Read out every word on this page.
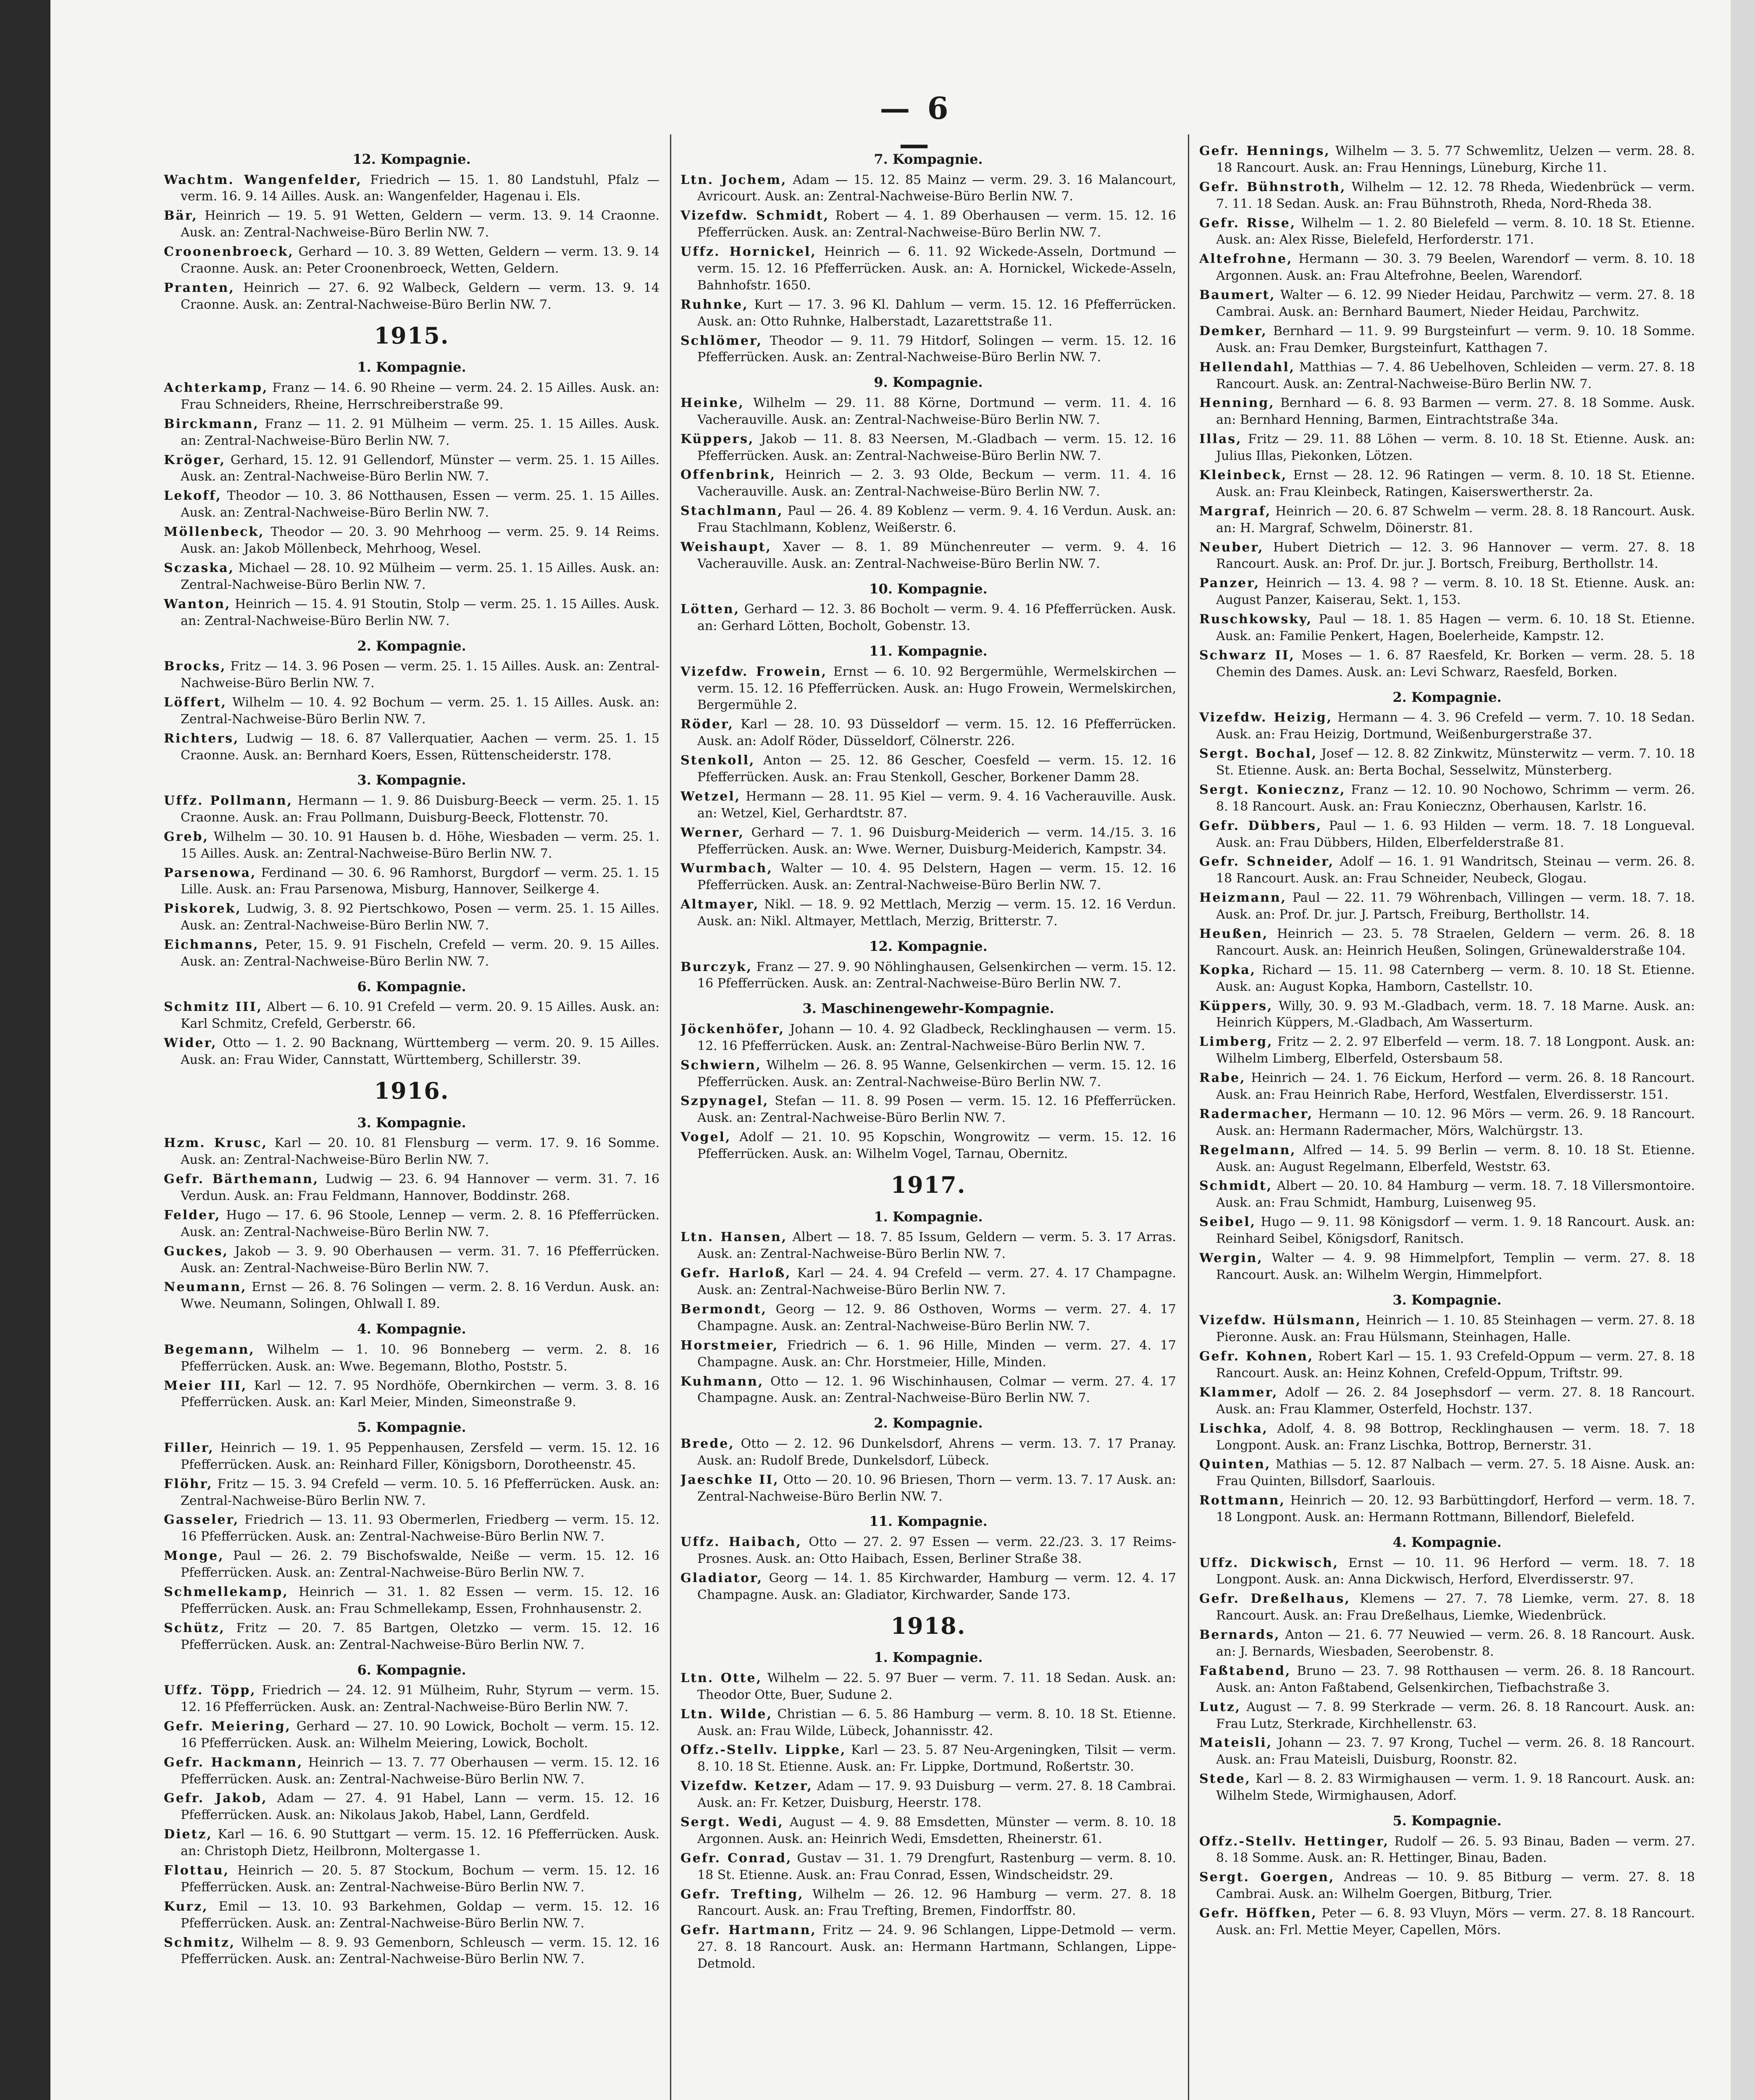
— 6 —
12. Kompagnie.
Wachtm. Wangenfelder, Friedrich — 15. 1. 80 Landstuhl, Pfalz — verm. 16. 9. 14 Ailles. Ausk. an: Wangenfelder, Hagenau i. Els.
Bär, Heinrich — 19. 5. 91 Wetten, Geldern — verm. 13. 9. 14 Craonne. Ausk. an: Zentral-Nachweise-Büro Berlin NW. 7.
Croonenbroeck, Gerhard — 10. 3. 89 Wetten, Geldern — verm. 13. 9. 14 Craonne. Ausk. an: Peter Croonenbroeck, Wetten, Geldern.
Pranten, Heinrich — 27. 6. 92 Walbeck, Geldern — verm. 13. 9. 14 Craonne. Ausk. an: Zentral-Nachweise-Büro Berlin NW. 7.
1915.
1. Kompagnie.
Achterkamp, Franz — 14. 6. 90 Rheine — verm. 24. 2. 15 Ailles. Ausk. an: Frau Schneiders, Rheine, Herrschreiberstraße 99.
Birckmann, Franz — 11. 2. 91 Mülheim — verm. 25. 1. 15 Ailles. Ausk. an: Zentral-Nachweise-Büro Berlin NW. 7.
Kröger, Gerhard, 15. 12. 91 Gellendorf, Münster — verm. 25. 1. 15 Ailles. Ausk. an: Zentral-Nachweise-Büro Berlin NW. 7.
Lekoff, Theodor — 10. 3. 86 Notthausen, Essen — verm. 25. 1. 15 Ailles. Ausk. an: Zentral-Nachweise-Büro Berlin NW. 7.
Möllenbeck, Theodor — 20. 3. 90 Mehrhoog — verm. 25. 9. 14 Reims. Ausk. an: Jakob Möllenbeck, Mehrhoog, Wesel.
Sczaska, Michael — 28. 10. 92 Mülheim — verm. 25. 1. 15 Ailles. Ausk. an: Zentral-Nachweise-Büro Berlin NW. 7.
Wanton, Heinrich — 15. 4. 91 Stoutin, Stolp — verm. 25. 1. 15 Ailles. Ausk. an: Zentral-Nachweise-Büro Berlin NW. 7.
2. Kompagnie.
Brocks, Fritz — 14. 3. 96 Posen — verm. 25. 1. 15 Ailles. Ausk. an: Zentral-Nachweise-Büro Berlin NW. 7.
Löffert, Wilhelm — 10. 4. 92 Bochum — verm. 25. 1. 15 Ailles. Ausk. an: Zentral-Nachweise-Büro Berlin NW. 7.
Richters, Ludwig — 18. 6. 87 Vallerquatier, Aachen — verm. 25. 1. 15 Craonne. Ausk. an: Bernhard Koers, Essen, Rüttenscheiderstr. 178.
3. Kompagnie.
Uffz. Pollmann, Hermann — 1. 9. 86 Duisburg-Beeck — verm. 25. 1. 15 Craonne. Ausk. an: Frau Pollmann, Duisburg-Beeck, Flottenstr. 70.
Greb, Wilhelm — 30. 10. 91 Hausen b. d. Höhe, Wiesbaden — verm. 25. 1. 15 Ailles. Ausk. an: Zentral-Nachweise-Büro Berlin NW. 7.
Parsenowa, Ferdinand — 30. 6. 96 Ramhorst, Burgdorf — verm. 25. 1. 15 Lille. Ausk. an: Frau Parsenowa, Misburg, Hannover, Seilkerge 4.
Piskorek, Ludwig, 3. 8. 92 Piertschkowo, Posen — verm. 25. 1. 15 Ailles. Ausk. an: Zentral-Nachweise-Büro Berlin NW. 7.
Eichmanns, Peter, 15. 9. 91 Fischeln, Crefeld — verm. 20. 9. 15 Ailles. Ausk. an: Zentral-Nachweise-Büro Berlin NW. 7.
6. Kompagnie.
Schmitz III, Albert — 6. 10. 91 Crefeld — verm. 20. 9. 15 Ailles. Ausk. an: Karl Schmitz, Crefeld, Gerberstr. 66.
Wider, Otto — 1. 2. 90 Backnang, Württemberg — verm. 20. 9. 15 Ailles. Ausk. an: Frau Wider, Cannstatt, Württemberg, Schillerstr. 39.
1916.
3. Kompagnie.
Hzm. Krusc, Karl — 20. 10. 81 Flensburg — verm. 17. 9. 16 Somme. Ausk. an: Zentral-Nachweise-Büro Berlin NW. 7.
Gefr. Bärthemann, Ludwig — 23. 6. 94 Hannover — verm. 31. 7. 16 Verdun. Ausk. an: Frau Feldmann, Hannover, Boddinstr. 268.
Felder, Hugo — 17. 6. 96 Stoole, Lennep — verm. 2. 8. 16 Pfefferrücken. Ausk. an: Zentral-Nachweise-Büro Berlin NW. 7.
Guckes, Jakob — 3. 9. 90 Oberhausen — verm. 31. 7. 16 Pfefferrücken. Ausk. an: Zentral-Nachweise-Büro Berlin NW. 7.
Neumann, Ernst — 26. 8. 76 Solingen — verm. 2. 8. 16 Verdun. Ausk. an: Wwe. Neumann, Solingen, Ohlwall I. 89.
4. Kompagnie.
Begemann, Wilhelm — 1. 10. 96 Bonneberg — verm. 2. 8. 16 Pfefferrücken. Ausk. an: Wwe. Begemann, Blotho, Poststr. 5.
Meier III, Karl — 12. 7. 95 Nordhöfe, Obernkirchen — verm. 3. 8. 16 Pfefferrücken. Ausk. an: Karl Meier, Minden, Simeonstraße 9.
5. Kompagnie.
Filler, Heinrich — 19. 1. 95 Peppenhausen, Zersfeld — verm. 15. 12. 16 Pfefferrücken. Ausk. an: Reinhard Filler, Königsborn, Dorotheenstr. 45.
Flöhr, Fritz — 15. 3. 94 Crefeld — verm. 10. 5. 16 Pfefferrücken. Ausk. an: Zentral-Nachweise-Büro Berlin NW. 7.
Gasseler, Friedrich — 13. 11. 93 Obermerlen, Friedberg — verm. 15. 12. 16 Pfefferrücken. Ausk. an: Zentral-Nachweise-Büro Berlin NW. 7.
Monge, Paul — 26. 2. 79 Bischofswalde, Neiße — verm. 15. 12. 16 Pfefferrücken. Ausk. an: Zentral-Nachweise-Büro Berlin NW. 7.
Schmellekamp, Heinrich — 31. 1. 82 Essen — verm. 15. 12. 16 Pfefferrücken. Ausk. an: Frau Schmellekamp, Essen, Frohnhausenstr. 2.
Schütz, Fritz — 20. 7. 85 Bartgen, Oletzko — verm. 15. 12. 16 Pfefferrücken. Ausk. an: Zentral-Nachweise-Büro Berlin NW. 7.
6. Kompagnie.
Uffz. Töpp, Friedrich — 24. 12. 91 Mülheim, Ruhr, Styrum — verm. 15. 12. 16 Pfefferrücken. Ausk. an: Zentral-Nachweise-Büro Berlin NW. 7.
Gefr. Meiering, Gerhard — 27. 10. 90 Lowick, Bocholt — verm. 15. 12. 16 Pfefferrücken. Ausk. an: Wilhelm Meiering, Lowick, Bocholt.
Gefr. Hackmann, Heinrich — 13. 7. 77 Oberhausen — verm. 15. 12. 16 Pfefferrücken. Ausk. an: Zentral-Nachweise-Büro Berlin NW. 7.
Gefr. Jakob, Adam — 27. 4. 91 Habel, Lann — verm. 15. 12. 16 Pfefferrücken. Ausk. an: Nikolaus Jakob, Habel, Lann, Gerdfeld.
Dietz, Karl — 16. 6. 90 Stuttgart — verm. 15. 12. 16 Pfefferrücken. Ausk. an: Christoph Dietz, Heilbronn, Moltergasse 1.
Flottau, Heinrich — 20. 5. 87 Stockum, Bochum — verm. 15. 12. 16 Pfefferrücken. Ausk. an: Zentral-Nachweise-Büro Berlin NW. 7.
Kurz, Emil — 13. 10. 93 Barkehmen, Goldap — verm. 15. 12. 16 Pfefferrücken. Ausk. an: Zentral-Nachweise-Büro Berlin NW. 7.
Schmitz, Wilhelm — 8. 9. 93 Gemenborn, Schleusch — verm. 15. 12. 16 Pfefferrücken. Ausk. an: Zentral-Nachweise-Büro Berlin NW. 7.
7. Kompagnie.
Ltn. Jochem, Adam — 15. 12. 85 Mainz — verm. 29. 3. 16 Malancourt, Avricourt. Ausk. an: Zentral-Nachweise-Büro Berlin NW. 7.
Vizefdw. Schmidt, Robert — 4. 1. 89 Oberhausen — verm. 15. 12. 16 Pfefferrücken. Ausk. an: Zentral-Nachweise-Büro Berlin NW. 7.
Uffz. Hornickel, Heinrich — 6. 11. 92 Wickede-Asseln, Dortmund — verm. 15. 12. 16 Pfefferrücken. Ausk. an: A. Hornickel, Wickede-Asseln, Bahnhofstr. 1650.
Ruhnke, Kurt — 17. 3. 96 Kl. Dahlum — verm. 15. 12. 16 Pfefferrücken. Ausk. an: Otto Ruhnke, Halberstadt, Lazarettstraße 11.
Schlömer, Theodor — 9. 11. 79 Hitdorf, Solingen — verm. 15. 12. 16 Pfefferrücken. Ausk. an: Zentral-Nachweise-Büro Berlin NW. 7.
9. Kompagnie.
Heinke, Wilhelm — 29. 11. 88 Körne, Dortmund — verm. 11. 4. 16 Vacherauville. Ausk. an: Zentral-Nachweise-Büro Berlin NW. 7.
Küppers, Jakob — 11. 8. 83 Neersen, M.-Gladbach — verm. 15. 12. 16 Pfefferrücken. Ausk. an: Zentral-Nachweise-Büro Berlin NW. 7.
Offenbrink, Heinrich — 2. 3. 93 Olde, Beckum — verm. 11. 4. 16 Vacherauville. Ausk. an: Zentral-Nachweise-Büro Berlin NW. 7.
Stachlmann, Paul — 26. 4. 89 Koblenz — verm. 9. 4. 16 Verdun. Ausk. an: Frau Stachlmann, Koblenz, Weißerstr. 6.
Weishaupt, Xaver — 8. 1. 89 Münchenreuter — verm. 9. 4. 16 Vacherauville. Ausk. an: Zentral-Nachweise-Büro Berlin NW. 7.
10. Kompagnie.
Lötten, Gerhard — 12. 3. 86 Bocholt — verm. 9. 4. 16 Pfefferrücken. Ausk. an: Gerhard Lötten, Bocholt, Gobenstr. 13.
11. Kompagnie.
Vizefdw. Frowein, Ernst — 6. 10. 92 Bergermühle, Wermelskirchen — verm. 15. 12. 16 Pfefferrücken. Ausk. an: Hugo Frowein, Wermelskirchen, Bergermühle 2.
Röder, Karl — 28. 10. 93 Düsseldorf — verm. 15. 12. 16 Pfefferrücken. Ausk. an: Adolf Röder, Düsseldorf, Cölnerstr. 226.
Stenkoll, Anton — 25. 12. 86 Gescher, Coesfeld — verm. 15. 12. 16 Pfefferrücken. Ausk. an: Frau Stenkoll, Gescher, Borkener Damm 28.
Wetzel, Hermann — 28. 11. 95 Kiel — verm. 9. 4. 16 Vacherauville. Ausk. an: Wetzel, Kiel, Gerhardtstr. 87.
Werner, Gerhard — 7. 1. 96 Duisburg-Meiderich — verm. 14./15. 3. 16 Pfefferrücken. Ausk. an: Wwe. Werner, Duisburg-Meiderich, Kampstr. 34.
Wurmbach, Walter — 10. 4. 95 Delstern, Hagen — verm. 15. 12. 16 Pfefferrücken. Ausk. an: Zentral-Nachweise-Büro Berlin NW. 7.
Altmayer, Nikl. — 18. 9. 92 Mettlach, Merzig — verm. 15. 12. 16 Verdun. Ausk. an: Nikl. Altmayer, Mettlach, Merzig, Britterstr. 7.
12. Kompagnie.
Burczyk, Franz — 27. 9. 90 Nöhlinghausen, Gelsenkirchen — verm. 15. 12. 16 Pfefferrücken. Ausk. an: Zentral-Nachweise-Büro Berlin NW. 7.
3. Maschinengewehr-Kompagnie.
Jöckenhöfer, Johann — 10. 4. 92 Gladbeck, Recklinghausen — verm. 15. 12. 16 Pfefferrücken. Ausk. an: Zentral-Nachweise-Büro Berlin NW. 7.
Schwiern, Wilhelm — 26. 8. 95 Wanne, Gelsenkirchen — verm. 15. 12. 16 Pfefferrücken. Ausk. an: Zentral-Nachweise-Büro Berlin NW. 7.
Szpynagel, Stefan — 11. 8. 99 Posen — verm. 15. 12. 16 Pfefferrücken. Ausk. an: Zentral-Nachweise-Büro Berlin NW. 7.
Vogel, Adolf — 21. 10. 95 Kopschin, Wongrowitz — verm. 15. 12. 16 Pfefferrücken. Ausk. an: Wilhelm Vogel, Tarnau, Obernitz.
1917.
1. Kompagnie.
Ltn. Hansen, Albert — 18. 7. 85 Issum, Geldern — verm. 5. 3. 17 Arras. Ausk. an: Zentral-Nachweise-Büro Berlin NW. 7.
Gefr. Harloß, Karl — 24. 4. 94 Crefeld — verm. 27. 4. 17 Champagne. Ausk. an: Zentral-Nachweise-Büro Berlin NW. 7.
Bermondt, Georg — 12. 9. 86 Osthoven, Worms — verm. 27. 4. 17 Champagne. Ausk. an: Zentral-Nachweise-Büro Berlin NW. 7.
Horstmeier, Friedrich — 6. 1. 96 Hille, Minden — verm. 27. 4. 17 Champagne. Ausk. an: Chr. Horstmeier, Hille, Minden.
Kuhmann, Otto — 12. 1. 96 Wischinhausen, Colmar — verm. 27. 4. 17 Champagne. Ausk. an: Zentral-Nachweise-Büro Berlin NW. 7.
2. Kompagnie.
Brede, Otto — 2. 12. 96 Dunkelsdorf, Ahrens — verm. 13. 7. 17 Pranay. Ausk. an: Rudolf Brede, Dunkelsdorf, Lübeck.
Jaeschke II, Otto — 20. 10. 96 Briesen, Thorn — verm. 13. 7. 17 Ausk. an: Zentral-Nachweise-Büro Berlin NW. 7.
11. Kompagnie.
Uffz. Haibach, Otto — 27. 2. 97 Essen — verm. 22./23. 3. 17 Reims-Prosnes. Ausk. an: Otto Haibach, Essen, Berliner Straße 38.
Gladiator, Georg — 14. 1. 85 Kirchwarder, Hamburg — verm. 12. 4. 17 Champagne. Ausk. an: Gladiator, Kirchwarder, Sande 173.
1918.
1. Kompagnie.
Ltn. Otte, Wilhelm — 22. 5. 97 Buer — verm. 7. 11. 18 Sedan. Ausk. an: Theodor Otte, Buer, Sudune 2.
Ltn. Wilde, Christian — 6. 5. 86 Hamburg — verm. 8. 10. 18 St. Etienne. Ausk. an: Frau Wilde, Lübeck, Johannisstr. 42.
Offz.-Stellv. Lippke, Karl — 23. 5. 87 Neu-Argeningken, Tilsit — verm. 8. 10. 18 St. Etienne. Ausk. an: Fr. Lippke, Dortmund, Roßertstr. 30.
Vizefdw. Ketzer, Adam — 17. 9. 93 Duisburg — verm. 27. 8. 18 Cambrai. Ausk. an: Fr. Ketzer, Duisburg, Heerstr. 178.
Sergt. Wedi, August — 4. 9. 88 Emsdetten, Münster — verm. 8. 10. 18 Argonnen. Ausk. an: Heinrich Wedi, Emsdetten, Rheinerstr. 61.
Gefr. Conrad, Gustav — 31. 1. 79 Drengfurt, Rastenburg — verm. 8. 10. 18 St. Etienne. Ausk. an: Frau Conrad, Essen, Windscheidstr. 29.
Gefr. Trefting, Wilhelm — 26. 12. 96 Hamburg — verm. 27. 8. 18 Rancourt. Ausk. an: Frau Trefting, Bremen, Findorffstr. 80.
Gefr. Hartmann, Fritz — 24. 9. 96 Schlangen, Lippe-Detmold — verm. 27. 8. 18 Rancourt. Ausk. an: Hermann Hartmann, Schlangen, Lippe-Detmold.
Gefr. Hennings, Wilhelm — 3. 5. 77 Schwemlitz, Uelzen — verm. 28. 8. 18 Rancourt. Ausk. an: Frau Hennings, Lüneburg, Kirche 11.
Gefr. Bühnstroth, Wilhelm — 12. 12. 78 Rheda, Wiedenbrück — verm. 7. 11. 18 Sedan. Ausk. an: Frau Bühnstroth, Rheda, Nord-Rheda 38.
Gefr. Risse, Wilhelm — 1. 2. 80 Bielefeld — verm. 8. 10. 18 St. Etienne. Ausk. an: Alex Risse, Bielefeld, Herforderstr. 171.
Altefrohne, Hermann — 30. 3. 79 Beelen, Warendorf — verm. 8. 10. 18 Argonnen. Ausk. an: Frau Altefrohne, Beelen, Warendorf.
Baumert, Walter — 6. 12. 99 Nieder Heidau, Parchwitz — verm. 27. 8. 18 Cambrai. Ausk. an: Bernhard Baumert, Nieder Heidau, Parchwitz.
Demker, Bernhard — 11. 9. 99 Burgsteinfurt — verm. 9. 10. 18 Somme. Ausk. an: Frau Demker, Burgsteinfurt, Katthagen 7.
Hellendahl, Matthias — 7. 4. 86 Uebelhoven, Schleiden — verm. 27. 8. 18 Rancourt. Ausk. an: Zentral-Nachweise-Büro Berlin NW. 7.
Henning, Bernhard — 6. 8. 93 Barmen — verm. 27. 8. 18 Somme. Ausk. an: Bernhard Henning, Barmen, Eintrachtstraße 34a.
Illas, Fritz — 29. 11. 88 Löhen — verm. 8. 10. 18 St. Etienne. Ausk. an: Julius Illas, Piekonken, Lötzen.
Kleinbeck, Ernst — 28. 12. 96 Ratingen — verm. 8. 10. 18 St. Etienne. Ausk. an: Frau Kleinbeck, Ratingen, Kaiserswertherstr. 2a.
Margraf, Heinrich — 20. 6. 87 Schwelm — verm. 28. 8. 18 Rancourt. Ausk. an: H. Margraf, Schwelm, Döinerstr. 81.
Neuber, Hubert Dietrich — 12. 3. 96 Hannover — verm. 27. 8. 18 Rancourt. Ausk. an: Prof. Dr. jur. J. Bortsch, Freiburg, Berthollstr. 14.
Panzer, Heinrich — 13. 4. 98 ? — verm. 8. 10. 18 St. Etienne. Ausk. an: August Panzer, Kaiserau, Sekt. 1, 153.
Ruschkowsky, Paul — 18. 1. 85 Hagen — verm. 6. 10. 18 St. Etienne. Ausk. an: Familie Penkert, Hagen, Boelerheide, Kampstr. 12.
Schwarz II, Moses — 1. 6. 87 Raesfeld, Kr. Borken — verm. 28. 5. 18 Chemin des Dames. Ausk. an: Levi Schwarz, Raesfeld, Borken.
2. Kompagnie.
Vizefdw. Heizig, Hermann — 4. 3. 96 Crefeld — verm. 7. 10. 18 Sedan. Ausk. an: Frau Heizig, Dortmund, Weißenburgerstraße 37.
Sergt. Bochal, Josef — 12. 8. 82 Zinkwitz, Münsterwitz — verm. 7. 10. 18 St. Etienne. Ausk. an: Berta Bochal, Sesselwitz, Münsterberg.
Sergt. Koniecznz, Franz — 12. 10. 90 Nochowo, Schrimm — verm. 26. 8. 18 Rancourt. Ausk. an: Frau Koniecznz, Oberhausen, Karlstr. 16.
Gefr. Dübbers, Paul — 1. 6. 93 Hilden — verm. 18. 7. 18 Longueval. Ausk. an: Frau Dübbers, Hilden, Elberfelderstraße 81.
Gefr. Schneider, Adolf — 16. 1. 91 Wandritsch, Steinau — verm. 26. 8. 18 Rancourt. Ausk. an: Frau Schneider, Neubeck, Glogau.
Heizmann, Paul — 22. 11. 79 Wöhrenbach, Villingen — verm. 18. 7. 18. Ausk. an: Prof. Dr. jur. J. Partsch, Freiburg, Berthollstr. 14.
Heußen, Heinrich — 23. 5. 78 Straelen, Geldern — verm. 26. 8. 18 Rancourt. Ausk. an: Heinrich Heußen, Solingen, Grünewalderstraße 104.
Kopka, Richard — 15. 11. 98 Caternberg — verm. 8. 10. 18 St. Etienne. Ausk. an: August Kopka, Hamborn, Castellstr. 10.
Küppers, Willy, 30. 9. 93 M.-Gladbach, verm. 18. 7. 18 Marne. Ausk. an: Heinrich Küppers, M.-Gladbach, Am Wasserturm.
Limberg, Fritz — 2. 2. 97 Elberfeld — verm. 18. 7. 18 Longpont. Ausk. an: Wilhelm Limberg, Elberfeld, Ostersbaum 58.
Rabe, Heinrich — 24. 1. 76 Eickum, Herford — verm. 26. 8. 18 Rancourt. Ausk. an: Frau Heinrich Rabe, Herford, Westfalen, Elverdisserstr. 151.
Radermacher, Hermann — 10. 12. 96 Mörs — verm. 26. 9. 18 Rancourt. Ausk. an: Hermann Radermacher, Mörs, Walchürgstr. 13.
Regelmann, Alfred — 14. 5. 99 Berlin — verm. 8. 10. 18 St. Etienne. Ausk. an: August Regelmann, Elberfeld, Weststr. 63.
Schmidt, Albert — 20. 10. 84 Hamburg — verm. 18. 7. 18 Villersmontoire. Ausk. an: Frau Schmidt, Hamburg, Luisenweg 95.
Seibel, Hugo — 9. 11. 98 Königsdorf — verm. 1. 9. 18 Rancourt. Ausk. an: Reinhard Seibel, Königsdorf, Ranitsch.
Wergin, Walter — 4. 9. 98 Himmelpfort, Templin — verm. 27. 8. 18 Rancourt. Ausk. an: Wilhelm Wergin, Himmelpfort.
3. Kompagnie.
Vizefdw. Hülsmann, Heinrich — 1. 10. 85 Steinhagen — verm. 27. 8. 18 Pieronne. Ausk. an: Frau Hülsmann, Steinhagen, Halle.
Gefr. Kohnen, Robert Karl — 15. 1. 93 Crefeld-Oppum — verm. 27. 8. 18 Rancourt. Ausk. an: Heinz Kohnen, Crefeld-Oppum, Triftstr. 99.
Klammer, Adolf — 26. 2. 84 Josephsdorf — verm. 27. 8. 18 Rancourt. Ausk. an: Frau Klammer, Osterfeld, Hochstr. 137.
Lischka, Adolf, 4. 8. 98 Bottrop, Recklinghausen — verm. 18. 7. 18 Longpont. Ausk. an: Franz Lischka, Bottrop, Bernerstr. 31.
Quinten, Mathias — 5. 12. 87 Nalbach — verm. 27. 5. 18 Aisne. Ausk. an: Frau Quinten, Billsdorf, Saarlouis.
Rottmann, Heinrich — 20. 12. 93 Barbüttingdorf, Herford — verm. 18. 7. 18 Longpont. Ausk. an: Hermann Rottmann, Billendorf, Bielefeld.
4. Kompagnie.
Uffz. Dickwisch, Ernst — 10. 11. 96 Herford — verm. 18. 7. 18 Longpont. Ausk. an: Anna Dickwisch, Herford, Elverdisserstr. 97.
Gefr. Dreßelhaus, Klemens — 27. 7. 78 Liemke, verm. 27. 8. 18 Rancourt. Ausk. an: Frau Dreßelhaus, Liemke, Wiedenbrück.
Bernards, Anton — 21. 6. 77 Neuwied — verm. 26. 8. 18 Rancourt. Ausk. an: J. Bernards, Wiesbaden, Seerobenstr. 8.
Faßtabend, Bruno — 23. 7. 98 Rotthausen — verm. 26. 8. 18 Rancourt. Ausk. an: Anton Faßtabend, Gelsenkirchen, Tiefbachstraße 3.
Lutz, August — 7. 8. 99 Sterkrade — verm. 26. 8. 18 Rancourt. Ausk. an: Frau Lutz, Sterkrade, Kirchhellenstr. 63.
Mateisli, Johann — 23. 7. 97 Krong, Tuchel — verm. 26. 8. 18 Rancourt. Ausk. an: Frau Mateisli, Duisburg, Roonstr. 82.
Stede, Karl — 8. 2. 83 Wirmighausen — verm. 1. 9. 18 Rancourt. Ausk. an: Wilhelm Stede, Wirmighausen, Adorf.
5. Kompagnie.
Offz.-Stellv. Hettinger, Rudolf — 26. 5. 93 Binau, Baden — verm. 27. 8. 18 Somme. Ausk. an: R. Hettinger, Binau, Baden.
Sergt. Goergen, Andreas — 10. 9. 85 Bitburg — verm. 27. 8. 18 Cambrai. Ausk. an: Wilhelm Goergen, Bitburg, Trier.
Gefr. Höffken, Peter — 6. 8. 93 Vluyn, Mörs — verm. 27. 8. 18 Rancourt. Ausk. an: Frl. Mettie Meyer, Capellen, Mörs.
